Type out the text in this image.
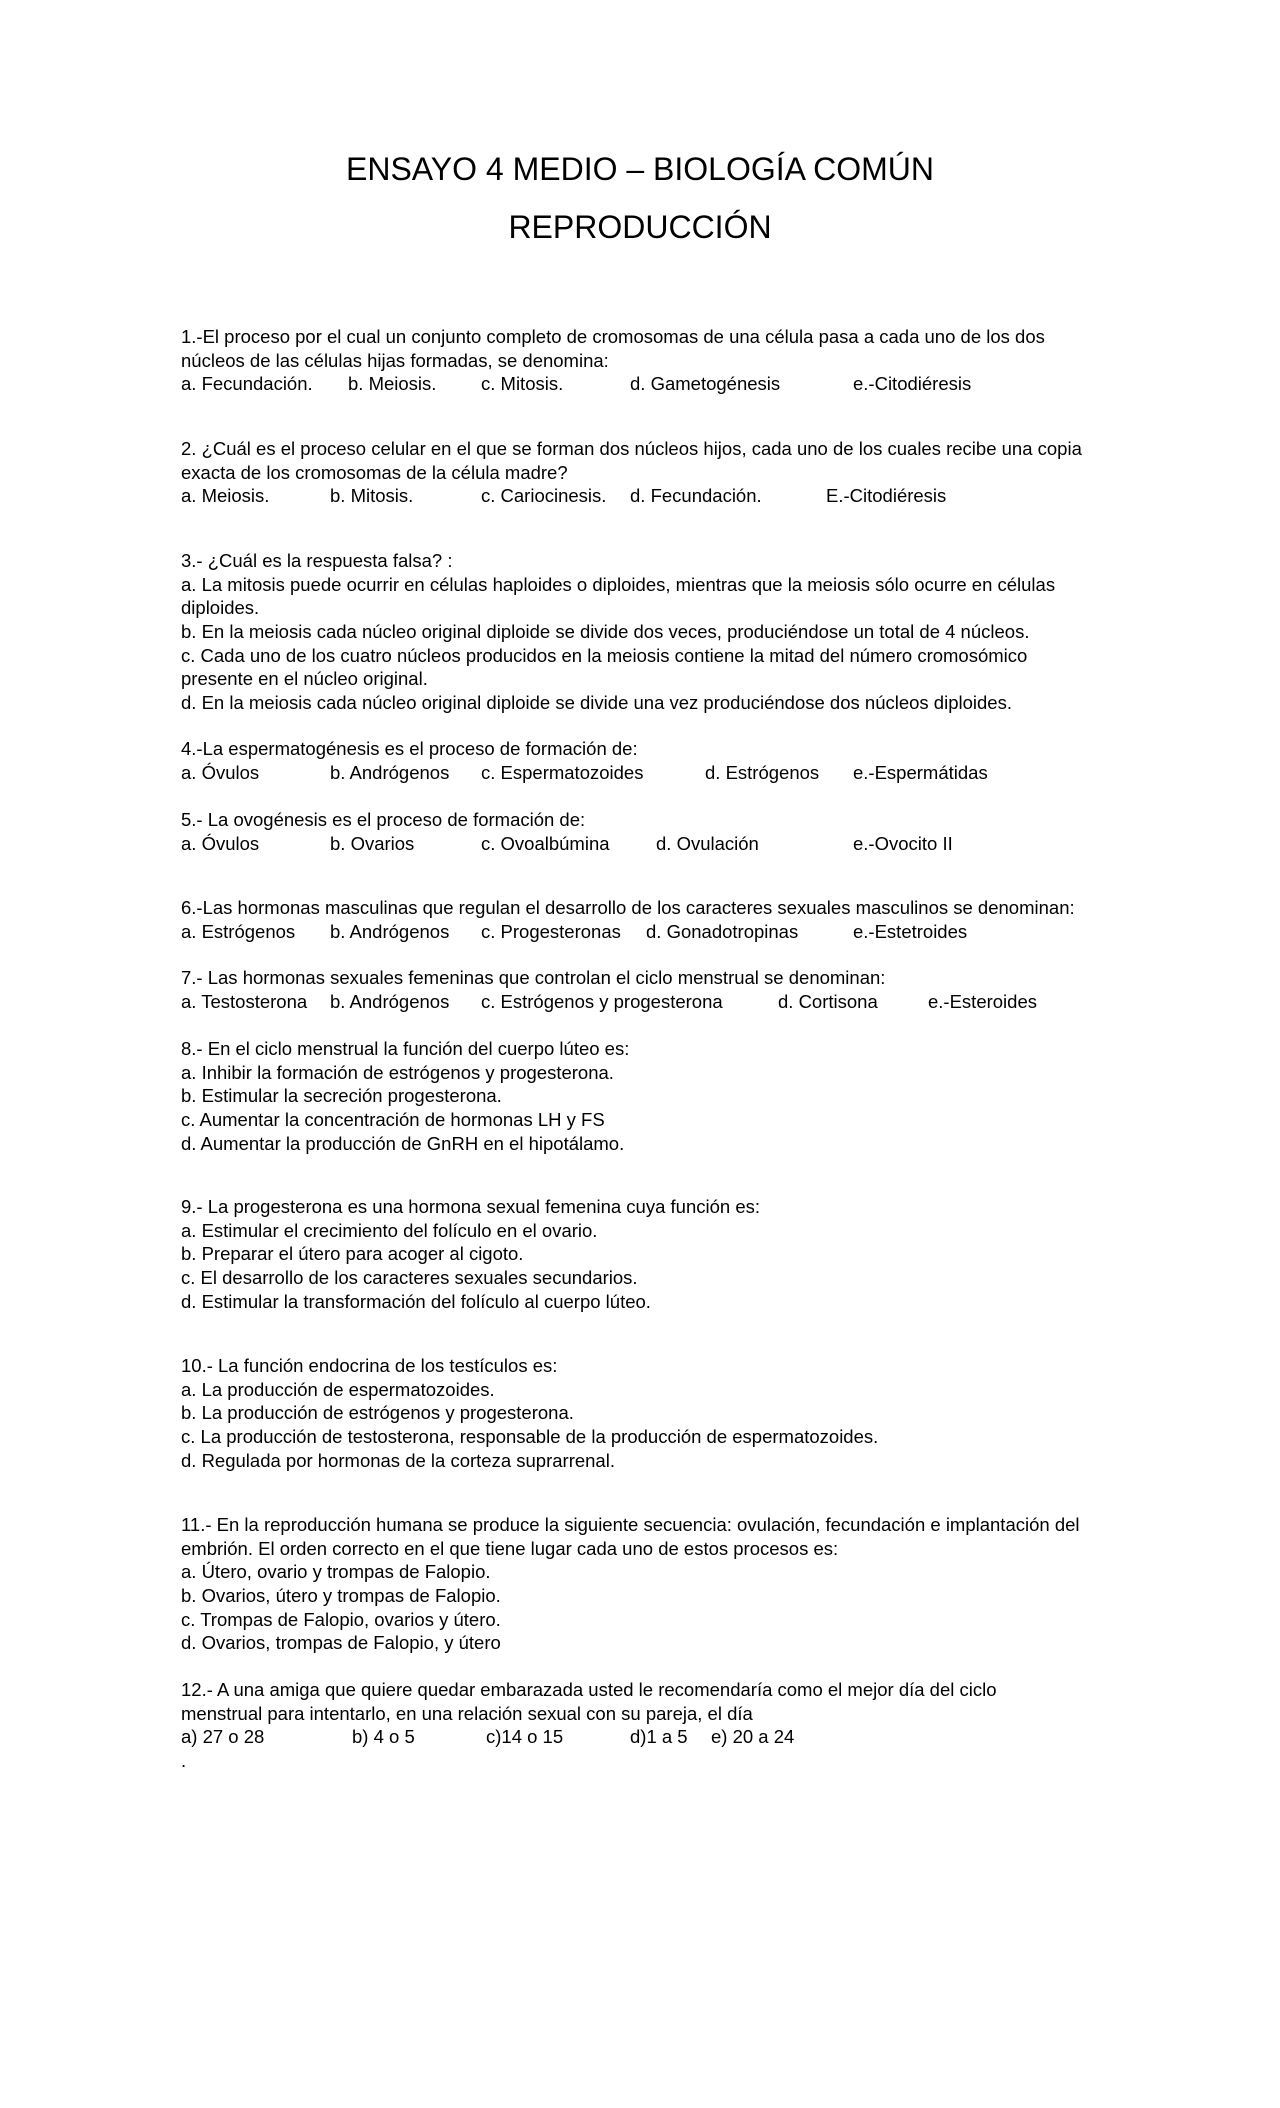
ENSAYO 4 MEDIO – BIOLOGÍA COMÚN
REPRODUCCIÓN
1.-El proceso por el cual un conjunto completo de cromosomas de una célula pasa a cada uno de los dos
núcleos de las células hijas formadas, se denomina:
a. Fecundación. b. Meiosis. c. Mitosis.	d. Gametogénesis	e.-Citodiéresis
2. ¿Cuál es el proceso celular en el que se forman dos núcleos hijos, cada uno de los cuales recibe una copia
exacta de los cromosomas de la célula madre?
a. Meiosis.	b. Mitosis.	c. Cariocinesis. d. Fecundación.	E.-Citodiéresis
3.- ¿Cuál es la respuesta falsa? :
a. La mitosis puede ocurrir en células haploides o diploides, mientras que la meiosis sólo ocurre en células
diploides.
b. En la meiosis cada núcleo original diploide se divide dos veces, produciéndose un total de 4 núcleos.
c. Cada uno de los cuatro núcleos producidos en la meiosis contiene la mitad del número cromosómico
presente en el núcleo original.
d. En la meiosis cada núcleo original diploide se divide una vez produciéndose dos núcleos diploides.
4.-La espermatogénesis es el proceso de formación de:
a. Óvulos	b. Andrógenos c. Espermatozoides	d. Estrógenos e.-Espermátidas
5.- La ovogénesis es el proceso de formación de:
a. Óvulos	b. Ovarios	c. Ovoalbúmina	d. Ovulación	e.-Ovocito II
6.-Las hormonas masculinas que regulan el desarrollo de los caracteres sexuales masculinos se denominan:
a. Estrógenos b. Andrógenos c. Progesteronas d. Gonadotropinas	e.-Estetroides
7.- Las hormonas sexuales femeninas que controlan el ciclo menstrual se denominan:
a. Testosterona b. Andrógenos c. Estrógenos y progesterona	d. Cortisona	e.-Esteroides
8.- En el ciclo menstrual la función del cuerpo lúteo es:
a. Inhibir la formación de estrógenos y progesterona.
b. Estimular la secreción progesterona.
c. Aumentar la concentración de hormonas LH y FS
d. Aumentar la producción de GnRH en el hipotálamo.
9.- La progesterona es una hormona sexual femenina cuya función es:
a. Estimular el crecimiento del folículo en el ovario.
b. Preparar el útero para acoger al cigoto.
c. El desarrollo de los caracteres sexuales secundarios.
d. Estimular la transformación del folículo al cuerpo lúteo.
10.- La función endocrina de los testículos es:
a. La producción de espermatozoides.
b. La producción de estrógenos y progesterona.
c. La producción de testosterona, responsable de la producción de espermatozoides.
d. Regulada por hormonas de la corteza suprarrenal.
11.- En la reproducción humana se produce la siguiente secuencia: ovulación, fecundación e implantación del
embrión. El orden correcto en el que tiene lugar cada uno de estos procesos es:
a. Útero, ovario y trompas de Falopio.
b. Ovarios, útero y trompas de Falopio.
c. Trompas de Falopio, ovarios y útero.
d. Ovarios, trompas de Falopio, y útero
12.- A una amiga que quiere quedar embarazada usted le recomendaría como el mejor día del ciclo
menstrual para intentarlo, en una relación sexual con su pareja, el día
a) 27 o 28	b) 4 o 5	c)14 o 15	d)1 a 5 e) 20 a 24
.
